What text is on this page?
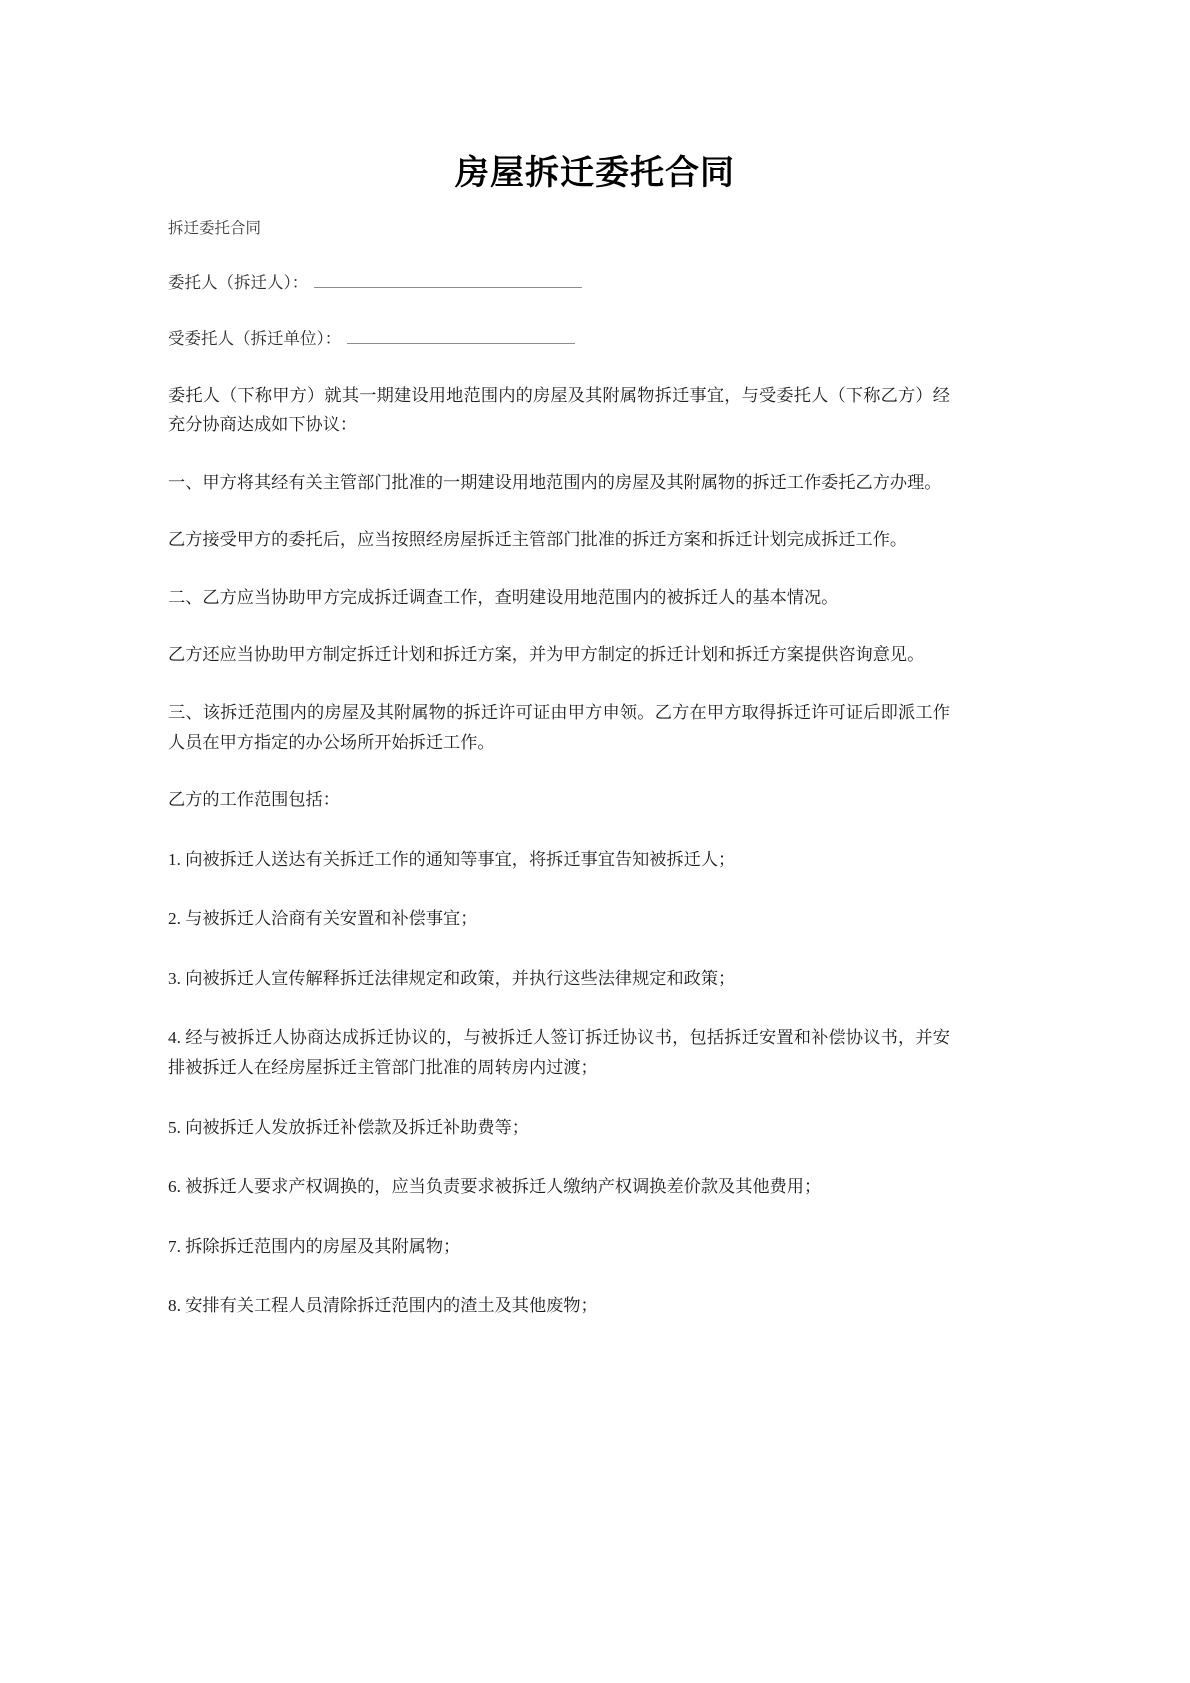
房屋拆迁委托合同

拆迁委托合同

委托人（拆迁人）：

受委托人（拆迁单位）：

委托人（下称甲方）就其一期建设用地范围内的房屋及其附属物拆迁事宜，与受委托人（下称乙方）经充分协商达成如下协议：

一、甲方将其经有关主管部门批准的一期建设用地范围内的房屋及其附属物的拆迁工作委托乙方办理。

乙方接受甲方的委托后，应当按照经房屋拆迁主管部门批准的拆迁方案和拆迁计划完成拆迁工作。

二、乙方应当协助甲方完成拆迁调查工作，查明建设用地范围内的被拆迁人的基本情况。

乙方还应当协助甲方制定拆迁计划和拆迁方案，并为甲方制定的拆迁计划和拆迁方案提供咨询意见。

三、该拆迁范围内的房屋及其附属物的拆迁许可证由甲方申领。乙方在甲方取得拆迁许可证后即派工作人员在甲方指定的办公场所开始拆迁工作。

乙方的工作范围包括：

1. 向被拆迁人送达有关拆迁工作的通知等事宜，将拆迁事宜告知被拆迁人；

2. 与被拆迁人洽商有关安置和补偿事宜；

3. 向被拆迁人宣传解释拆迁法律规定和政策，并执行这些法律规定和政策；

4. 经与被拆迁人协商达成拆迁协议的，与被拆迁人签订拆迁协议书，包括拆迁安置和补偿协议书，并安排被拆迁人在经房屋拆迁主管部门批准的周转房内过渡；

5. 向被拆迁人发放拆迁补偿款及拆迁补助费等；

6. 被拆迁人要求产权调换的，应当负责要求被拆迁人缴纳产权调换差价款及其他费用；

7. 拆除拆迁范围内的房屋及其附属物；

8. 安排有关工程人员清除拆迁范围内的渣土及其他废物；
